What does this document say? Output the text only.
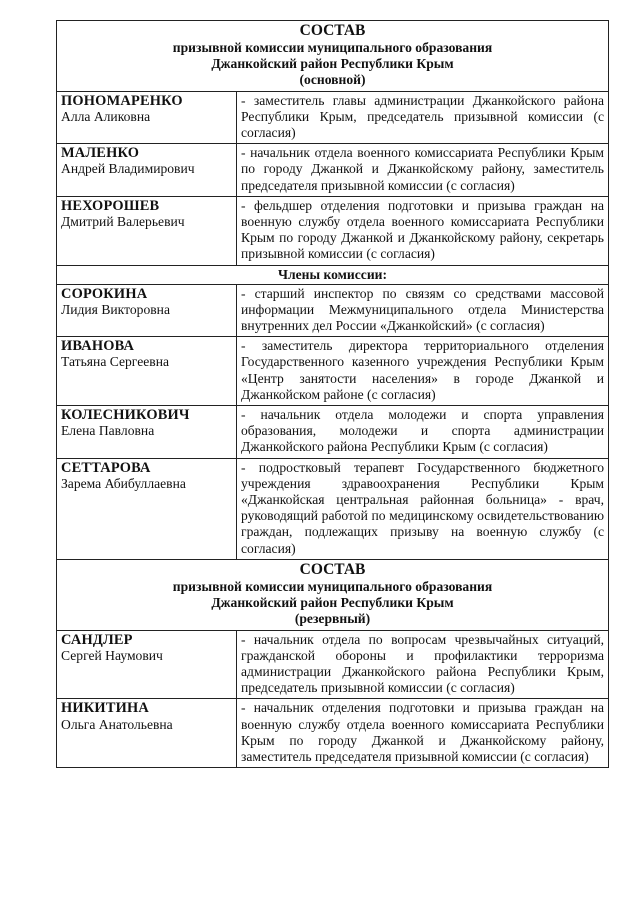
СОСТАВ
призывной комиссии муниципального образования
Джанкойский район Республики Крым
(основной)	

ПОНОМАРЕНКО
Алла Аликовна	- заместитель главы администрации Джанкойского района Республики Крым, председатель призывной комиссии (с согласия)

МАЛЕНКО
Андрей Владимирович	- начальник отдела военного комиссариата Республики Крым по городу Джанкой и Джанкойскому району, заместитель председателя призывной комиссии (с согласия)

НЕХОРОШЕВ
Дмитрий Валерьевич	- фельдшер отделения подготовки и призыва граждан на военную службу отдела военного комиссариата Республики Крым по городу Джанкой и Джанкойскому району, секретарь призывной комиссии (с согласия)
Члены комиссии:	

СОРОКИНА
Лидия Викторовна	- старший инспектор по связям со средствами массовой информации Межмуниципального отдела Министерства внутренних дел России «Джанкойский» (с согласия)

ИВАНОВА
Татьяна Сергеевна	- заместитель директора территориального отделения Государственного казенного учреждения Республики Крым «Центр занятости населения» в городе Джанкой и Джанкойском районе (с согласия)

КОЛЕСНИКОВИЧ
Елена Павловна	- начальник отдела молодежи и спорта управления образования, молодежи и спорта администрации Джанкойского района Республики Крым (с согласия)

СЕТТАРОВА
Зарема Абибуллаевна	- подростковый терапевт Государственного бюджетного учреждения здравоохранения Республики Крым «Джанкойская центральная районная больница» - врач, руководящий работой по медицинскому освидетельствованию граждан, подлежащих призыву на военную службу (с согласия)

СОСТАВ
призывной комиссии муниципального образования
Джанкойский район Республики Крым
(резервный)	

САНДЛЕР
Сергей Наумович	- начальник отдела по вопросам чрезвычайных ситуаций, гражданской обороны и профилактики терроризма администрации Джанкойского района Республики Крым, председатель призывной комиссии (с согласия)

НИКИТИНА
Ольга Анатольевна	- начальник отделения подготовки и призыва граждан на военную службу отдела военного комиссариата Республики Крым по городу Джанкой и Джанкойскому району, заместитель председателя призывной комиссии (с согласия)
